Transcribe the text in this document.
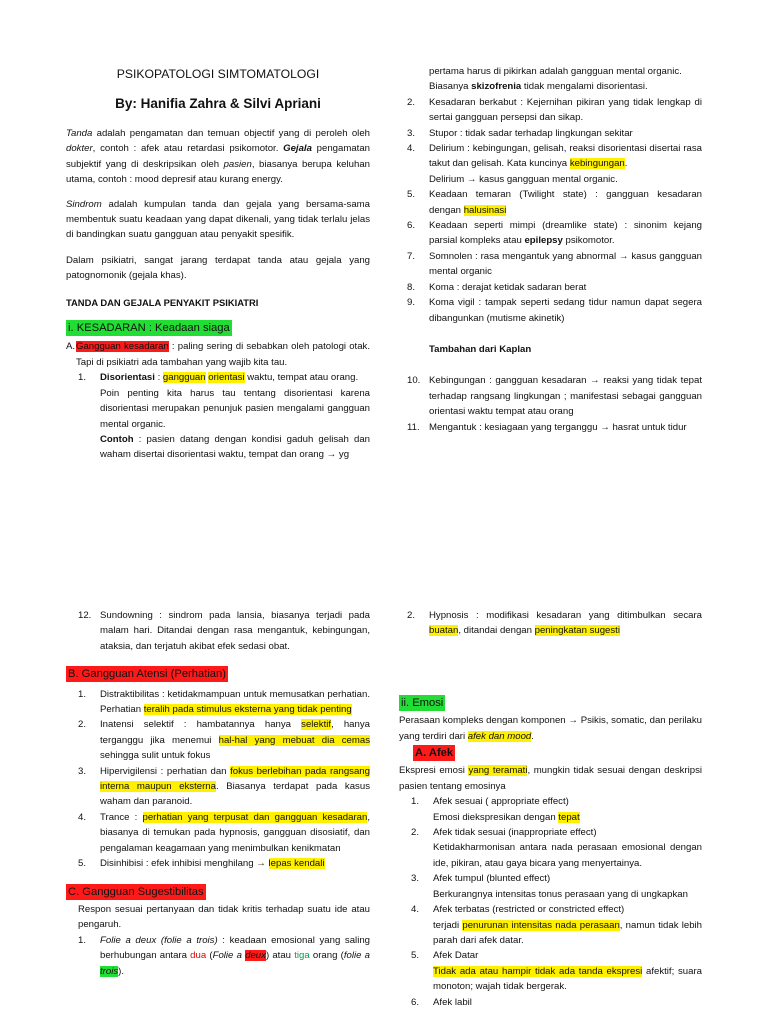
PSIKOPATOLOGI SIMTOMATOLOGI

By: Hanifia Zahra & Silvi Apriani

Tanda adalah pengamatan dan temuan objectif yang di peroleh oleh dokter, contoh : afek atau retardasi psikomotor. Gejala pengamatan subjektif yang di deskripsikan oleh pasien, biasanya berupa keluhan utama, contoh : mood depresif atau kurang energy.

Sindrom adalah kumpulan tanda dan gejala yang bersama-sama membentuk suatu keadaan yang dapat dikenali, yang tidak terlalu jelas di bandingkan suatu gangguan atau penyakit spesifik.

Dalam psikiatri, sangat jarang terdapat tanda atau gejala yang patognomonik (gejala khas).

TANDA DAN GEJALA PENYAKIT PSIKIATRI

i. KESADARAN : Keadaan siaga

A. Gangguan kesadaran : paling sering di sebabkan oleh patologi otak. Tapi di psikiatri ada tambahan yang wajib kita tau.
1. Disorientasi : gangguan orientasi waktu, tempat atau orang.

Poin penting kita harus tau tentang disorientasi karena disorientasi merupakan penunjuk pasien mengalami gangguan mental organic.

Contoh : pasien datang dengan kondisi gaduh gelisah dan waham disertai disorientasi waktu, tempat dan orang → yg

pertama harus di pikirkan adalah gangguan mental organic.

Biasanya skizofrenia tidak mengalami disorientasi.

2. Kesadaran berkabut : Kejernihan pikiran yang tidak lengkap di sertai gangguan persepsi dan sikap.
3. Stupor : tidak sadar terhadap lingkungan sekitar
4. Delirium : kebingungan, gelisah, reaksi disorientasi disertai rasa takut dan gelisah. Kata kuncinya kebingungan.

Delirium → kasus gangguan mental organic.

5. Keadaan temaran (Twilight state) : gangguan kesadaran dengan halusinasi
6. Keadaan seperti mimpi (dreamlike state) : sinonim kejang parsial kompleks atau epilepsy psikomotor.
7. Somnolen : rasa mengantuk yang abnormal → kasus gangguan mental organic
8. Koma : derajat ketidak sadaran berat
9. Koma vigil : tampak seperti sedang tidur namun dapat segera dibangunkan (mutisme akinetik)

Tambahan dari Kaplan

10. Kebingungan : gangguan kesadaran → reaksi yang tidak tepat terhadap rangsang lingkungan ; manifestasi sebagai gangguan orientasi waktu tempat atau orang
11. Mengantuk : kesiagaan yang terganggu → hasrat untuk tidur
12. Sundowning : sindrom pada lansia, biasanya terjadi pada malam hari. Ditandai dengan rasa mengantuk, kebingungan, ataksia, dan terjatuh akibat efek sedasi obat.

B. Gangguan Atensi (Perhatian)

1. Distraktibilitas : ketidakmampuan untuk memusatkan perhatian. Perhatian teralih pada stimulus eksterna yang tidak penting
2. Inatensi selektif : hambatannya hanya selektif, hanya terganggu jika menemui hal-hal yang mebuat dia cemas sehingga sulit untuk fokus
3. Hipervigilensi : perhatian dan fokus berlebihan pada rangsang interna maupun eksterna. Biasanya terdapat pada kasus waham dan paranoid.
4. Trance : perhatian yang terpusat dan gangguan kesadaran, biasanya di temukan pada hypnosis, gangguan disosiatif, dan pengalaman keagamaan yang menimbulkan kenikmatan
5. Disinhibisi : efek inhibisi menghilang → lepas kendali

C. Gangguan Sugestibilitas

Respon sesuai pertanyaan dan tidak kritis terhadap suatu ide atau pengaruh.

1. Folie a deux (folie a trois) : keadaan emosional yang saling berhubungan antara dua (Folie a deux) atau tiga orang (folie a trois).
2. Hypnosis : modifikasi kesadaran yang ditimbulkan secara buatan, ditandai dengan peningkatan sugesti

ii. Emosi

Perasaan kompleks dengan komponen → Psikis, somatic, dan perilaku yang terdiri dari afek dan mood.

A. Afek

Ekspresi emosi yang teramati, mungkin tidak sesuai dengan deskripsi pasien tentang emosinya

1. Afek sesuai ( appropriate effect)

Emosi diekspresikan dengan tepat

2. Afek tidak sesuai (inappropriate effect)

Ketidakharmonisan antara nada perasaan emosional dengan ide, pikiran, atau gaya bicara yang menyertainya.

3. Afek tumpul (blunted effect)

Berkurangnya intensitas tonus perasaan yang di ungkapkan

4. Afek terbatas (restricted or constricted effect)

terjadi penurunan intensitas nada perasaan, namun tidak lebih parah dari afek datar.

5. Afek Datar

Tidak ada atau hampir tidak ada tanda ekspresi afektif; suara monoton; wajah tidak bergerak.

6. Afek labil
